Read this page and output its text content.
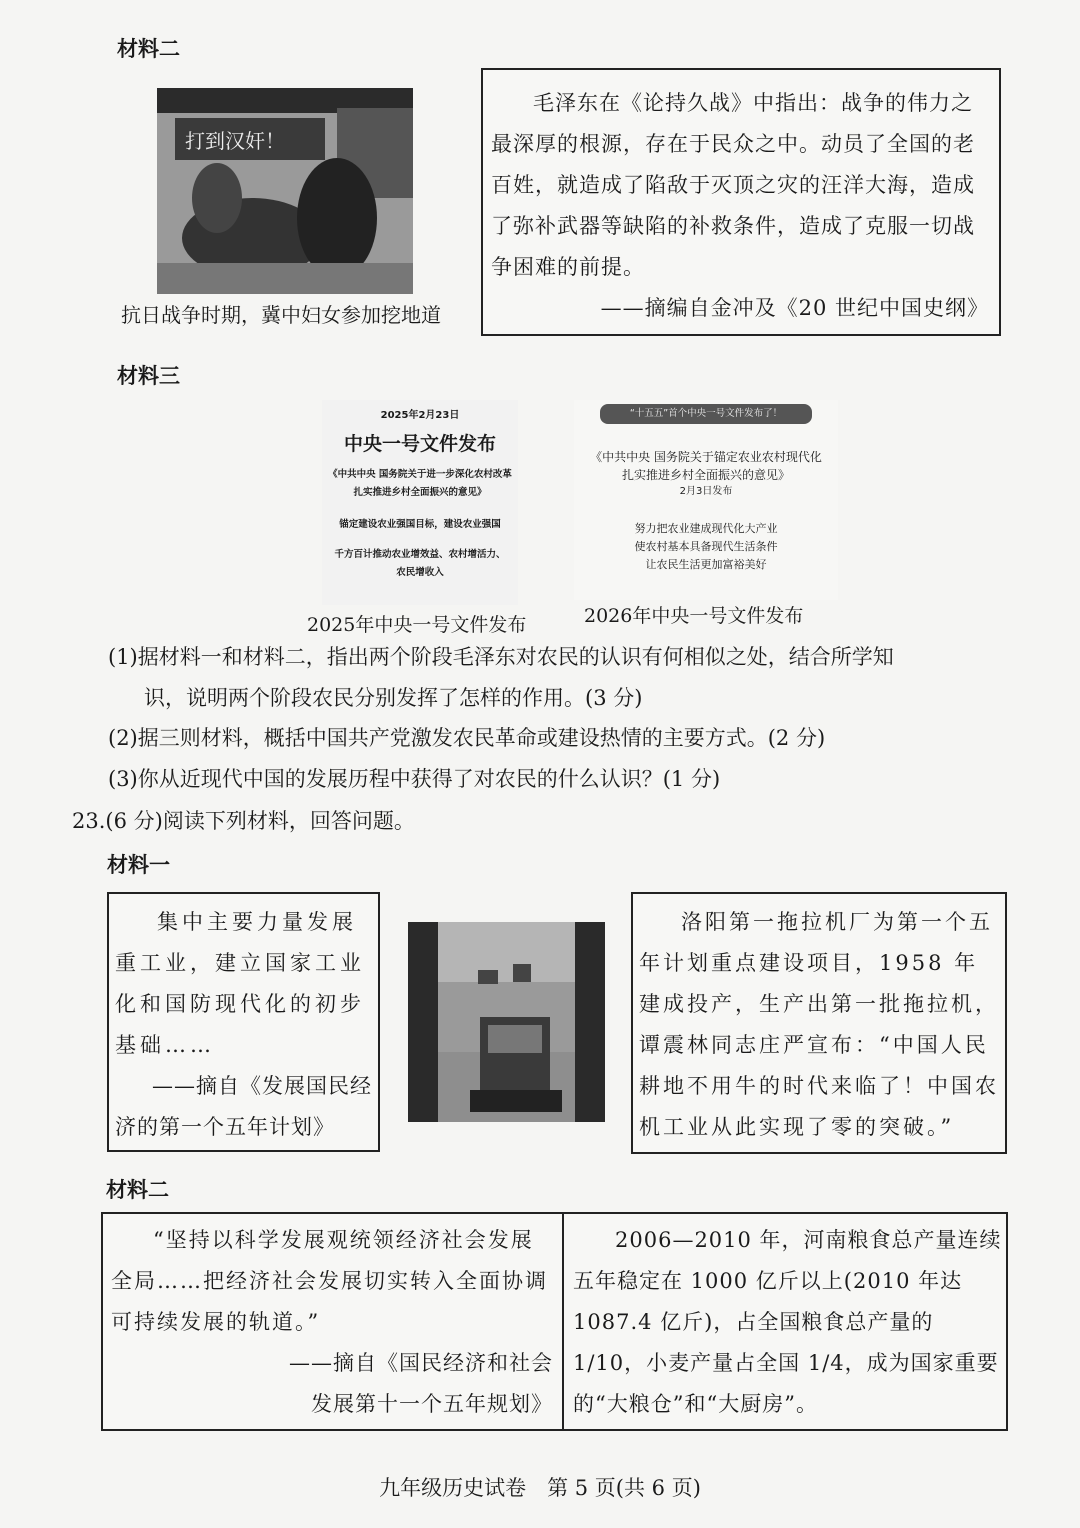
材料二
打到汉奸！
抗日战争时期，冀中妇女参加挖地道
毛泽东在《论持久战》中指出：战争的伟力之最深厚的根源，存在于民众之中。动员了全国的老百姓，就造成了陷敌于灭顶之灾的汪洋大海，造成了弥补武器等缺陷的补救条件，造成了克服一切战争困难的前提。
——摘编自金冲及《20 世纪中国史纲》
材料三
2025年2月23日
中央一号文件发布
《中共中央 国务院关于进一步深化农村改革
扎实推进乡村全面振兴的意见》
锚定建设农业强国目标，建设农业强国
千方百计推动农业增效益、农村增活力、
农民增收入
2025年中央一号文件发布
“十五五”首个中央一号文件发布了！
《中共中央 国务院关于锚定农业农村现代化
扎实推进乡村全面振兴的意见》
2月3日发布
努力把农业建成现代化大产业
使农村基本具备现代生活条件
让农民生活更加富裕美好
2026年中央一号文件发布
(1)据材料一和材料二，指出两个阶段毛泽东对农民的认识有何相似之处，结合所学知
识，说明两个阶段农民分别发挥了怎样的作用。(3 分)
(2)据三则材料，概括中国共产党激发农民革命或建设热情的主要方式。(2 分)
(3)你从近现代中国的发展历程中获得了对农民的什么认识？(1 分)
23.(6 分)阅读下列材料，回答问题。
材料一
集中主要力量发展重工业，建立国家工业化和国防现代化的初步基础……
——摘自《发展国民经
济的第一个五年计划》
洛阳第一拖拉机厂为第一个五年计划重点建设项目，1958 年建成投产，生产出第一批拖拉机，谭震林同志庄严宣布：“中国人民耕地不用牛的时代来临了！中国农机工业从此实现了零的突破。”
材料二
“坚持以科学发展观统领经济社会发展全局……把经济社会发展切实转入全面协调可持续发展的轨道。”
——摘自《国民经济和社会
发展第十一个五年规划》
2006—2010 年，河南粮食总产量连续五年稳定在 1000 亿斤以上(2010 年达 1087.4 亿斤)，占全国粮食总产量的 1/10，小麦产量占全国 1/4，成为国家重要的“大粮仓”和“大厨房”。
九年级历史试卷　第 5 页(共 6 页)
